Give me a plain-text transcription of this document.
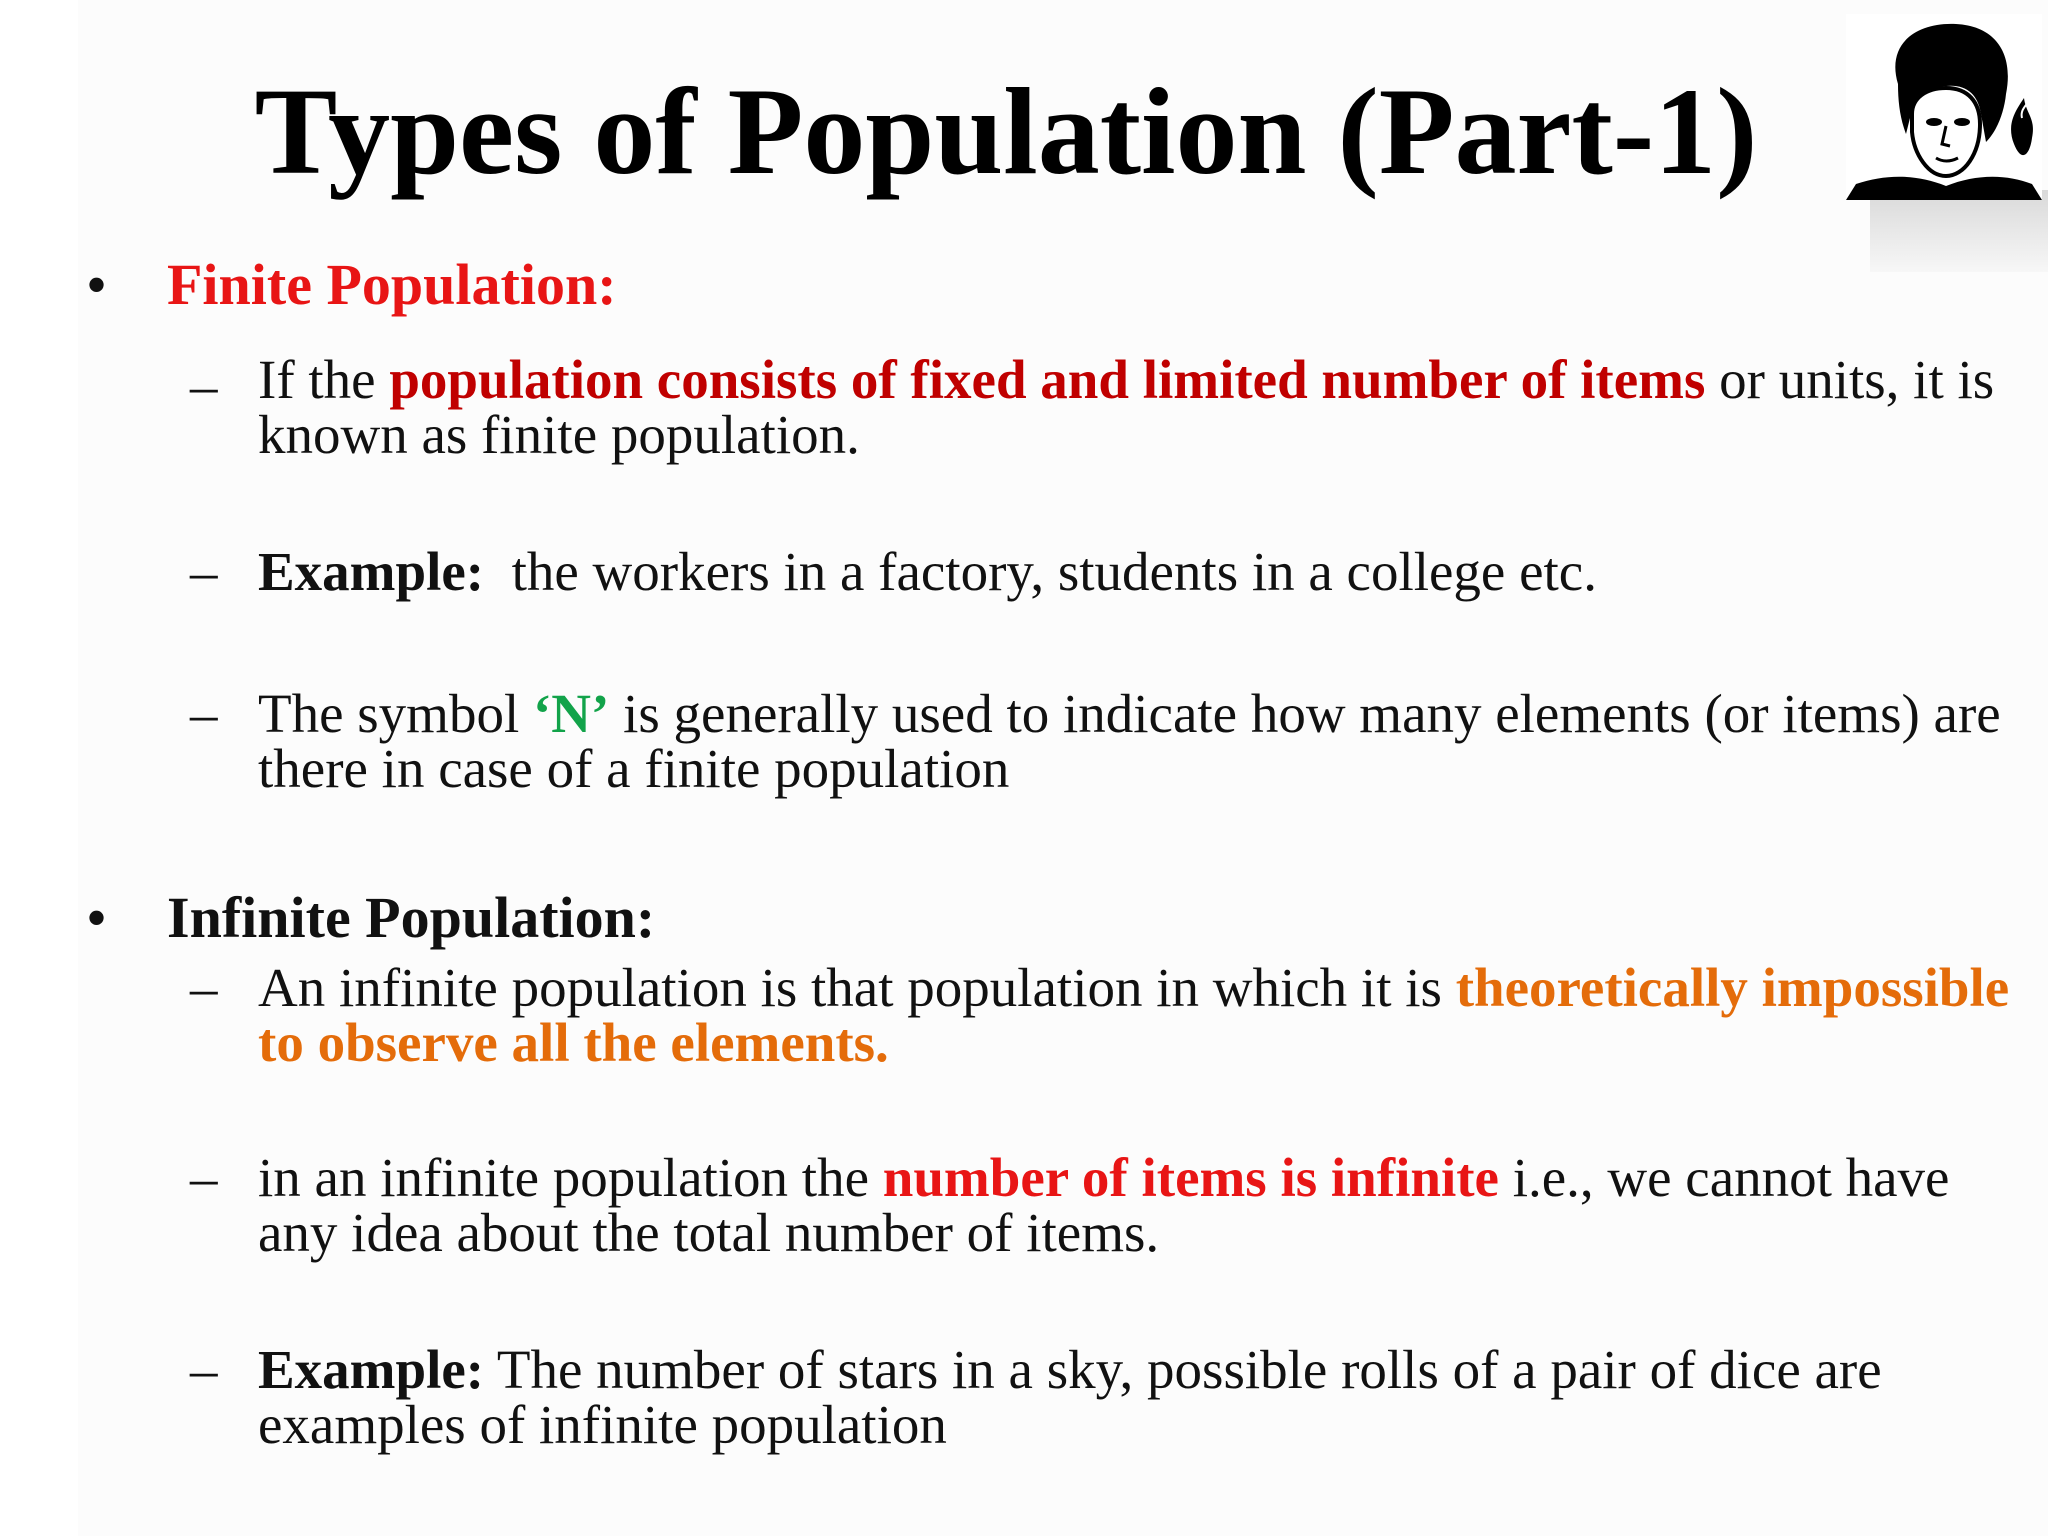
Types of Population (Part-1)
• Finite Population:
– If the population consists of fixed and limited number of items or units, it is known as finite population.
– Example:  the workers in a factory, students in a college etc.
– The symbol ‘N’ is generally used to indicate how many elements (or items) are there in case of a finite population
• Infinite Population:
– An infinite population is that population in which it is theoretically impossible to observe all the elements.
– in an infinite population the number of items is infinite i.e., we cannot have any idea about the total number of items.
– Example: The number of stars in a sky, possible rolls of a pair of dice are examples of infinite population
